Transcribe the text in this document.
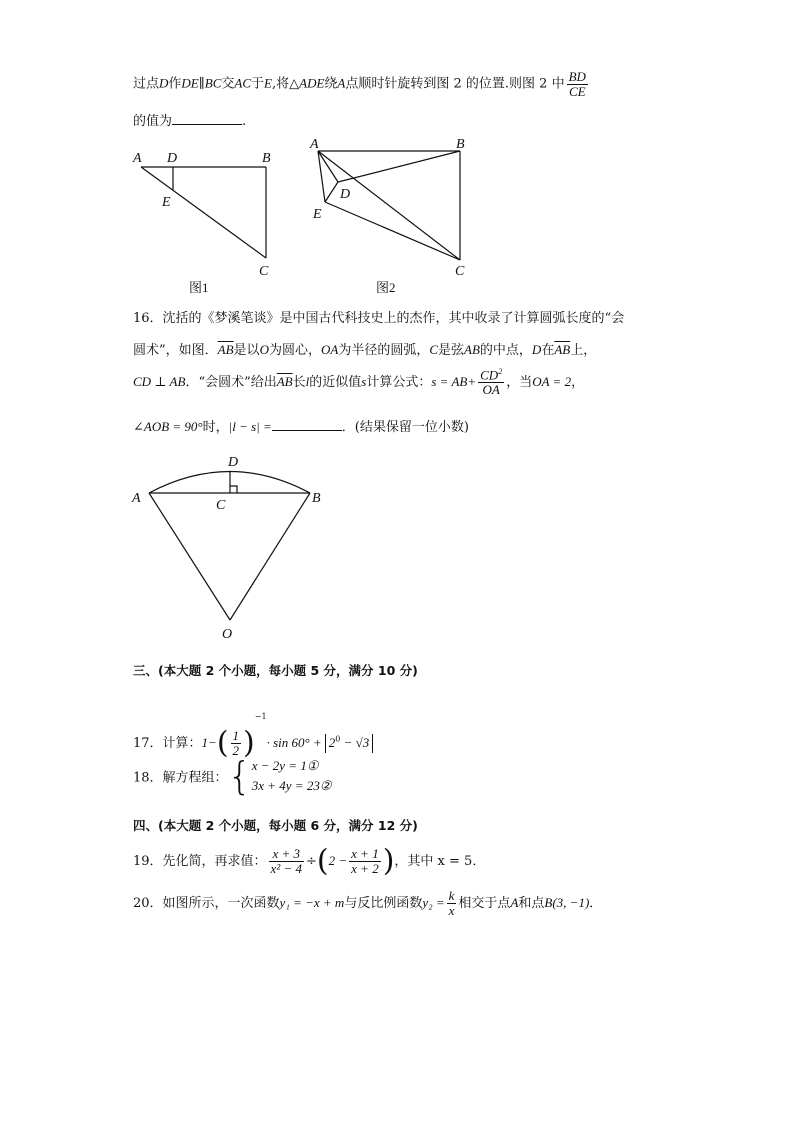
过点D作DE∥BC交AC于E,将△ADE绕A点顺时针旋转到图 2 的位置.则图 2 中 $\frac{BD}{CE}$
的值为	.
A D	B
E
C
图1
A	B
D
E
C
图2
16．沈括的《梦溪笔谈》是中国古代科技史上的杰作，其中收录了计算圆弧长度的“会
圆术”，如图．$\overline{AB}$是以O为圆心，OA为半径的圆弧，C是弦AB的中点，D在$\overline{AB}$上，
CD ⊥ AB．“会圆术”给出$\overline{AB}$长l的近似值s计算公式：$s = AB+ \frac{CD^2}{OA}$ ，当OA = 2，
∠AOB = 90°时，|l − s| =	．(结果保留一位小数)
A	B
C
D
O
三、(本大题 2 个小题，每小题 5 分，满分 10 分)
17．计算：$1-( \frac{1}{2} )^{-1}\cdot \sin 60^\circ + 2^0 - √3$
18．解方程组：{ x − 2y = 1①
3x + 4y = 23②
四、(本大题 2 个小题，每小题 6 分，满分 12 分)
19．先化简，再求值： $\frac{x + 3}{\text{x² − 4}} \div(2 - \frac{x + 1}{x + 2}$ )，其中 x = 5．
20．如图所示，一次函数y₁ = −x + m与反比例函数$y_2 = \frac{k}{x}$ 相交于点A和点B(3, −1)．
